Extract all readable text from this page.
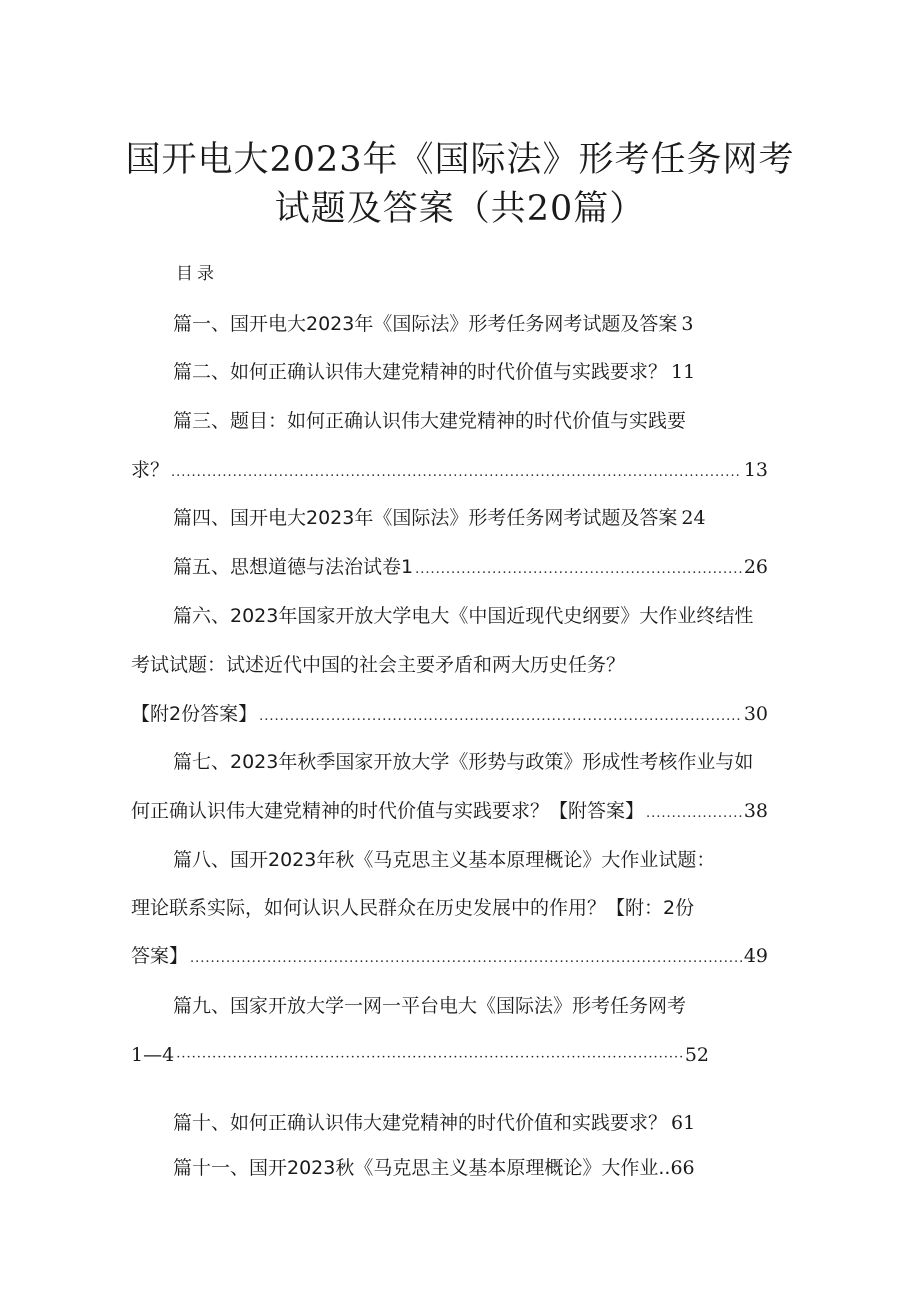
国开电大2023年《国际法》形考任务网考
试题及答案（共20篇）
目录
篇一、国开电大2023年《国际法》形考任务网考试题及答案 3
篇二、如何正确认识伟大建党精神的时代价值与实践要求？ 11
篇三、题目：如何正确认识伟大建党精神的时代价值与实践要
求？ .....	13
篇四、国开电大2023年《国际法》形考任务网考试题及答案 24
篇五、思想道德与法治试卷1 .....	26
篇六、2023年国家开放大学电大《中国近现代史纲要》大作业终结性
考试试题：试述近代中国的社会主要矛盾和两大历史任务？
【附2份答案】 .....	30
篇七、2023年秋季国家开放大学《形势与政策》形成性考核作业与如
何正确认识伟大建党精神的时代价值与实践要求？【附答案】 .....	38
篇八、国开2023年秋《马克思主义基本原理概论》大作业试题：
理论联系实际，如何认识人民群众在历史发展中的作用？【附：2份
答案】 .....	49
篇九、国家开放大学一网一平台电大《国际法》形考任务网考
1—4 ·····	52
篇十、如何正确认识伟大建党精神的时代价值和实践要求？ 61
篇十一、国开2023秋《马克思主义基本原理概论》大作业.. 66
